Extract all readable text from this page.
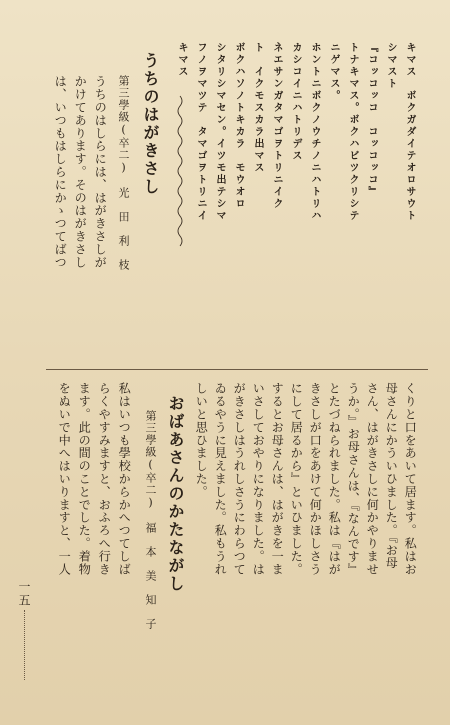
キマス　ボクガダイテオロサウト
シマスト
『コッコッコ　コッコッコ』
トナキマス。ボクハビツクリシテ
ニゲマス。
ホントニボクノウチノニハトリハ
カシコイニハトリデス
ネエサンガタマゴヲトリニイク
ト　イクモスカラ出マス
ボクハソノトキカラ　モウオロ
シタリシマセン。イツモ出テシマ
フノヲマツテ　タマゴヲトリニイ
キマス
うちのはがきさし
第三學級(卒二)　光　田　利　枝
うちのはしらには、はがきさしが
かけてあります。そのはがきさし
は、いつもはしらにかゝつてばつ
くりと口をあいて居ます。私はお
母さんにかういひました。『お母
さん、はがきさしに何かやりませ
うか。』お母さんは、『なんです』
とたづねられました。私は『はが
きさしが口をあけて何かほしさう
にして居るから』といひました。
するとお母さんは、はがきを一ま
いさしておやりになりました。は
がきさしはうれしさうにわらつて
ゐるやうに見えました。私もうれ
しいと思ひました。
おばあさんのかたながし
第三學級(卒二)　福　本　美　知　子
私はいつも學校からかへつてしば
らくやすみますと、おふろへ行き
ます。此の間のことでした。着物
をぬいで中へはいりますと、一人
一五
